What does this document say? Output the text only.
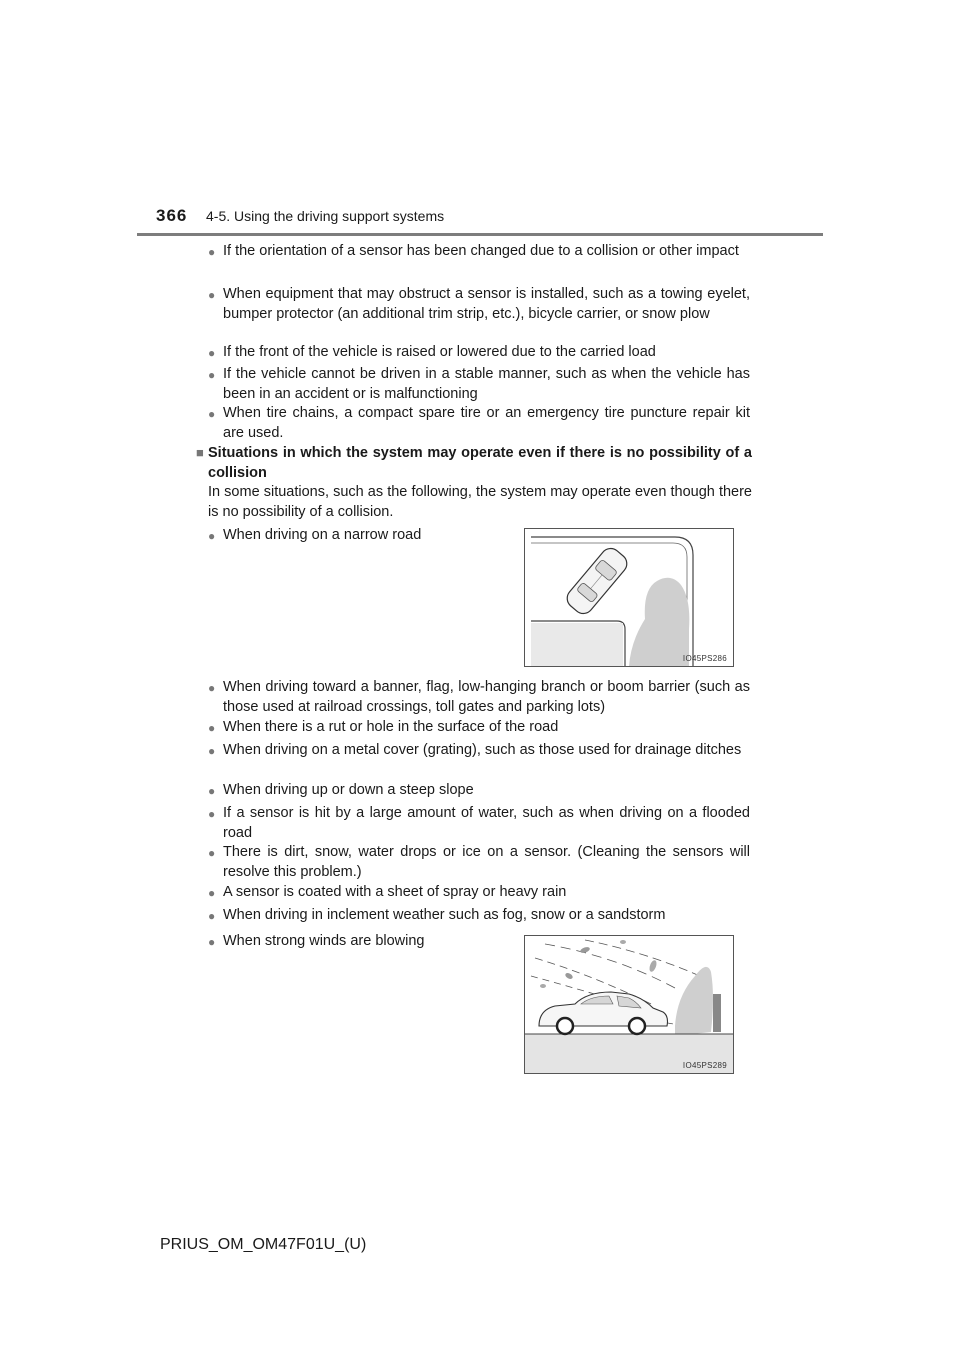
366 4-5. Using the driving support systems
● If the orientation of a sensor has been changed due to a collision or other impact
● When equipment that may obstruct a sensor is installed, such as a towing eyelet, bumper protector (an additional trim strip, etc.), bicycle carrier, or snow plow
● If the front of the vehicle is raised or lowered due to the carried load
● If the vehicle cannot be driven in a stable manner, such as when the vehicle has been in an accident or is malfunctioning
● When tire chains, a compact spare tire or an emergency tire puncture repair kit are used.
■ Situations in which the system may operate even if there is no possibility of a collision
In some situations, such as the following, the system may operate even though there is no possibility of a collision.
● When driving on a narrow road
IO45PS286
● When driving toward a banner, flag, low-hanging branch or boom barrier (such as those used at railroad crossings, toll gates and parking lots)
● When there is a rut or hole in the surface of the road
● When driving on a metal cover (grating), such as those used for drainage ditches
● When driving up or down a steep slope
● If a sensor is hit by a large amount of water, such as when driving on a flooded road
● There is dirt, snow, water drops or ice on a sensor. (Cleaning the sensors will resolve this problem.)
● A sensor is coated with a sheet of spray or heavy rain
● When driving in inclement weather such as fog, snow or a sandstorm
● When strong winds are blowing
IO45PS289
PRIUS_OM_OM47F01U_(U)
